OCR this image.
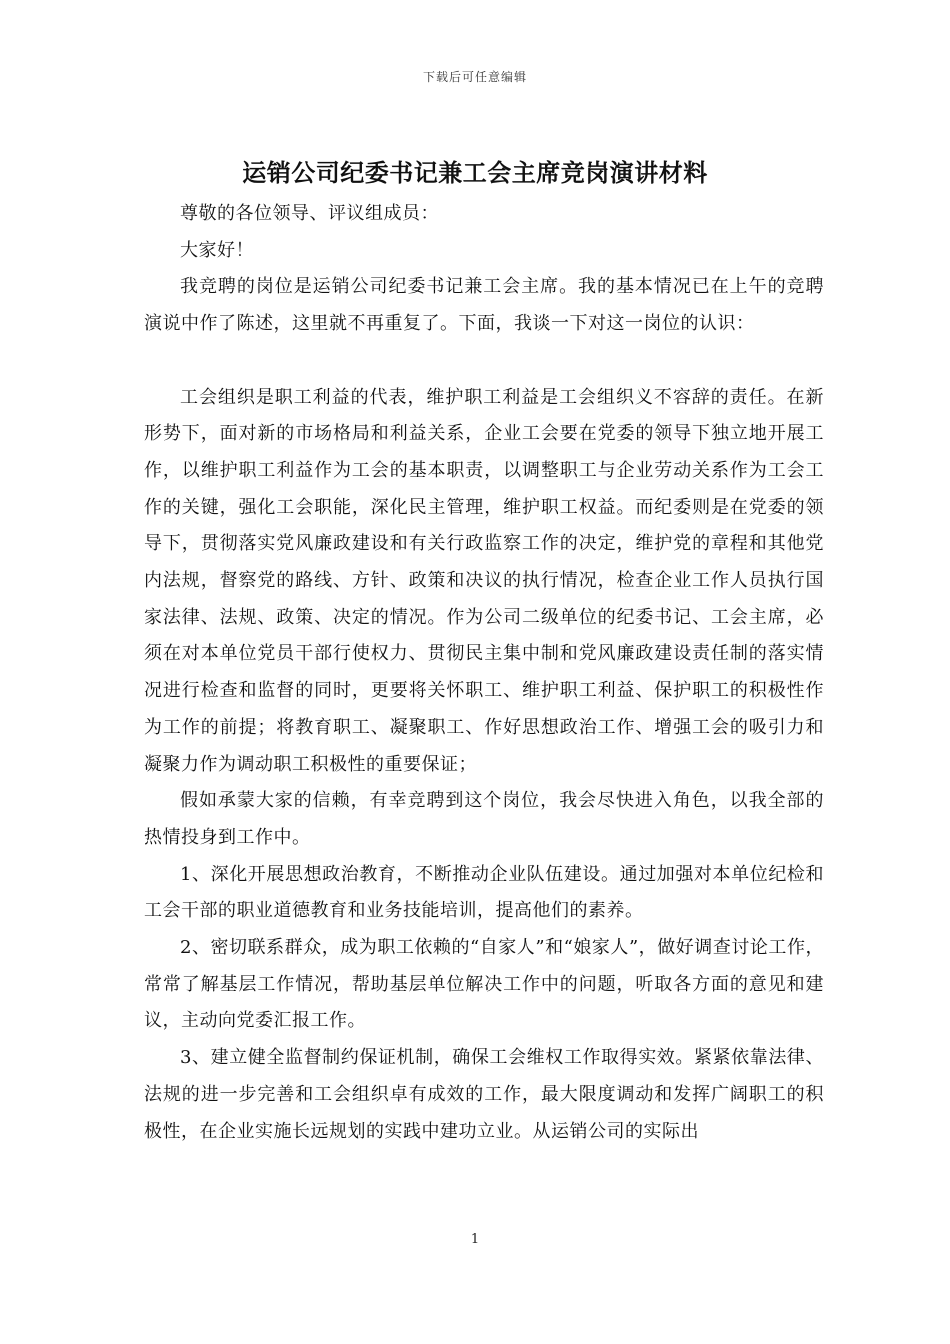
下载后可任意编辑
运销公司纪委书记兼工会主席竞岗演讲材料

尊敬的各位领导、评议组成员：

大家好！

我竞聘的岗位是运销公司纪委书记兼工会主席。我的基本情况已在上午的竞聘演说中作了陈述，这里就不再重复了。下面，我谈一下对这一岗位的认识：

工会组织是职工利益的代表，维护职工利益是工会组织义不容辞的责任。在新形势下，面对新的市场格局和利益关系，企业工会要在党委的领导下独立地开展工作，以维护职工利益作为工会的基本职责，以调整职工与企业劳动关系作为工会工作的关键，强化工会职能，深化民主管理，维护职工权益。而纪委则是在党委的领导下，贯彻落实党风廉政建设和有关行政监察工作的决定，维护党的章程和其他党内法规，督察党的路线、方针、政策和决议的执行情况，检查企业工作人员执行国家法律、法规、政策、决定的情况。作为公司二级单位的纪委书记、工会主席，必须在对本单位党员干部行使权力、贯彻民主集中制和党风廉政建设责任制的落实情况进行检查和监督的同时，更要将关怀职工、维护职工利益、保护职工的积极性作为工作的前提；将教育职工、凝聚职工、作好思想政治工作、增强工会的吸引力和凝聚力作为调动职工积极性的重要保证；

假如承蒙大家的信赖，有幸竞聘到这个岗位，我会尽快进入角色，以我全部的热情投身到工作中。

1、深化开展思想政治教育，不断推动企业队伍建设。通过加强对本单位纪检和工会干部的职业道德教育和业务技能培训，提高他们的素养。

2、密切联系群众，成为职工依赖的“自家人”和“娘家人”，做好调查讨论工作，常常了解基层工作情况，帮助基层单位解决工作中的问题，听取各方面的意见和建议，主动向党委汇报工作。

3、建立健全监督制约保证机制，确保工会维权工作取得实效。紧紧依靠法律、法规的进一步完善和工会组织卓有成效的工作，最大限度调动和发挥广阔职工的积极性，在企业实施长远规划的实践中建功立业。从运销公司的实际出

1
